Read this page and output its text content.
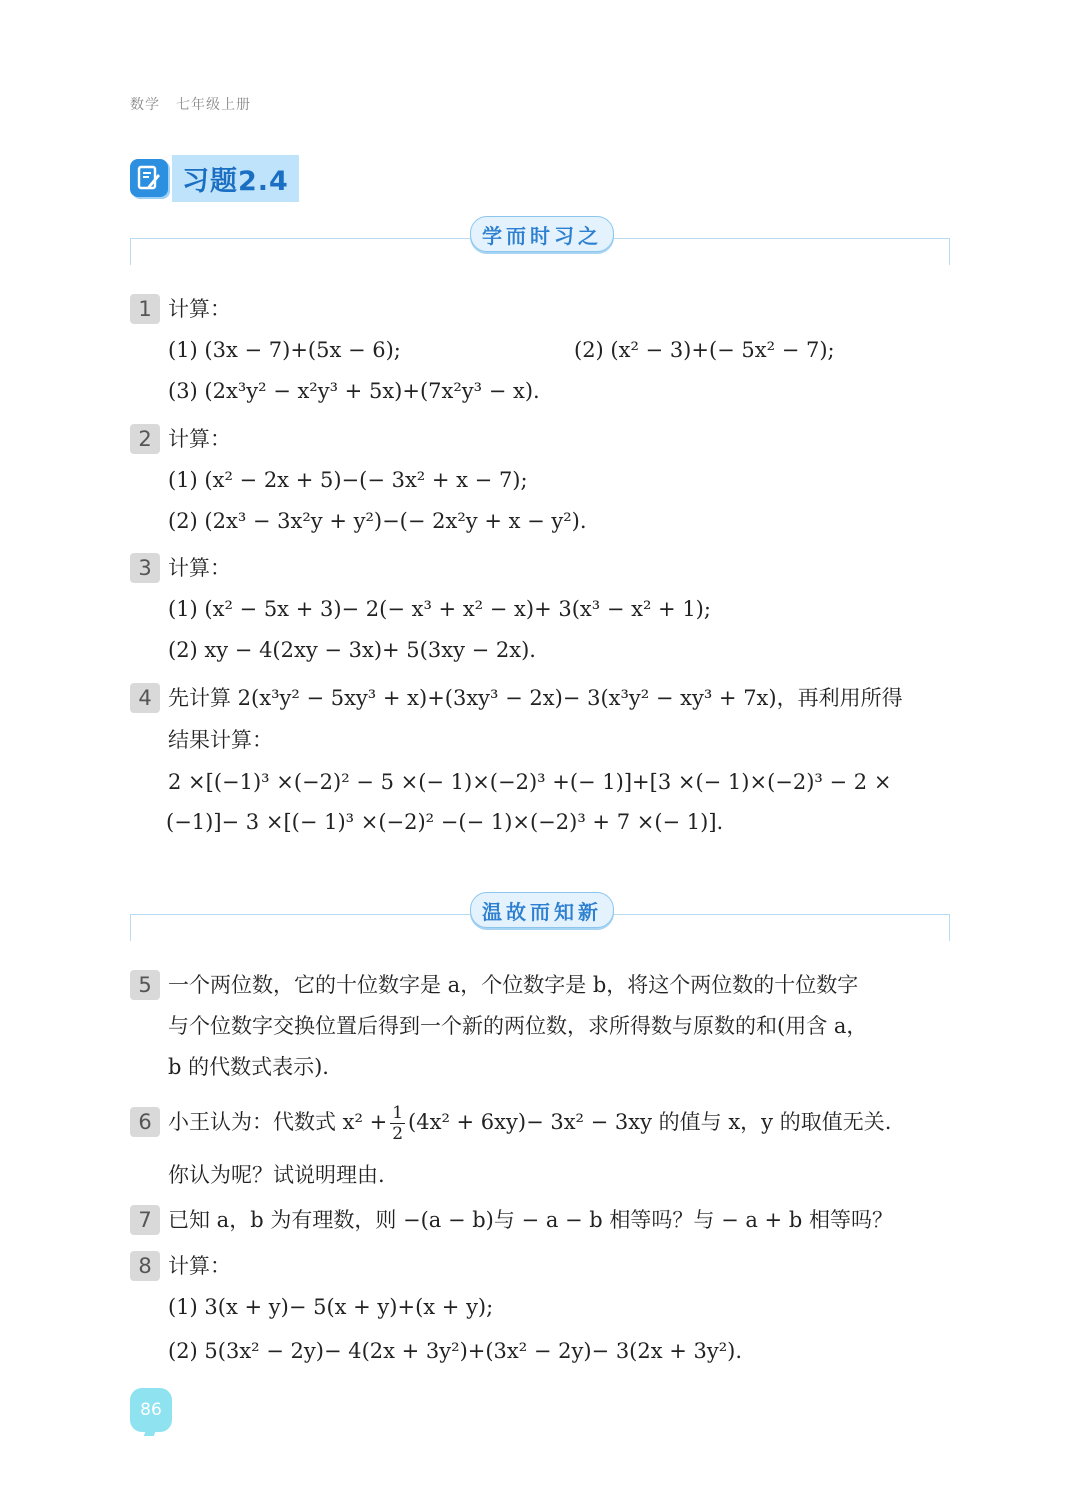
数学 七年级上册
习题2.4
学而时习之
1 计算：
(1) (3x − 7)+(5x − 6);	(2) (x² − 3)+(− 5x² − 7);
(3) (2x³y² − x²y³ + 5x)+(7x²y³ − x).
2 计算：
(1) (x² − 2x + 5)−(− 3x² + x − 7);
(2) (2x³ − 3x²y + y²)−(− 2x²y + x − y²).
3 计算：
(1) (x² − 5x + 3)− 2(− x³ + x² − x)+ 3(x³ − x² + 1);
(2) xy − 4(2xy − 3x)+ 5(3xy − 2x).
4 先计算 2(x³y² − 5xy³ + x)+(3xy³ − 2x)− 3(x³y² − xy³ + 7x)，再利用所得
结果计算：
2 ×[(−1)³ ×(−2)² − 5 ×(− 1)×(−2)³ +(− 1)]+[3 ×(− 1)×(−2)³ − 2 ×
(−1)]− 3 ×[(− 1)³ ×(−2)² −(− 1)×(−2)³ + 7 ×(− 1)].
温故而知新
5 一个两位数，它的十位数字是 a，个位数字是 b，将这个两位数的十位数字
与个位数字交换位置后得到一个新的两位数，求所得数与原数的和(用含 a，
b 的代数式表示).
6 小王认为：代数式 $x^2 + \frac{1}{2} (4x^2 + 6xy)- 3x^2 - 3xy$ 的值与 x，y 的取值无关.
你认为呢？试说明理由.
7 已知 a，b 为有理数，则 −(a − b)与 − a − b 相等吗？与 − a + b 相等吗？
8 计算：
(1) 3(x + y)− 5(x + y)+(x + y);
(2) 5(3x² − 2y)− 4(2x + 3y²)+(3x² − 2y)− 3(2x + 3y²).
86
